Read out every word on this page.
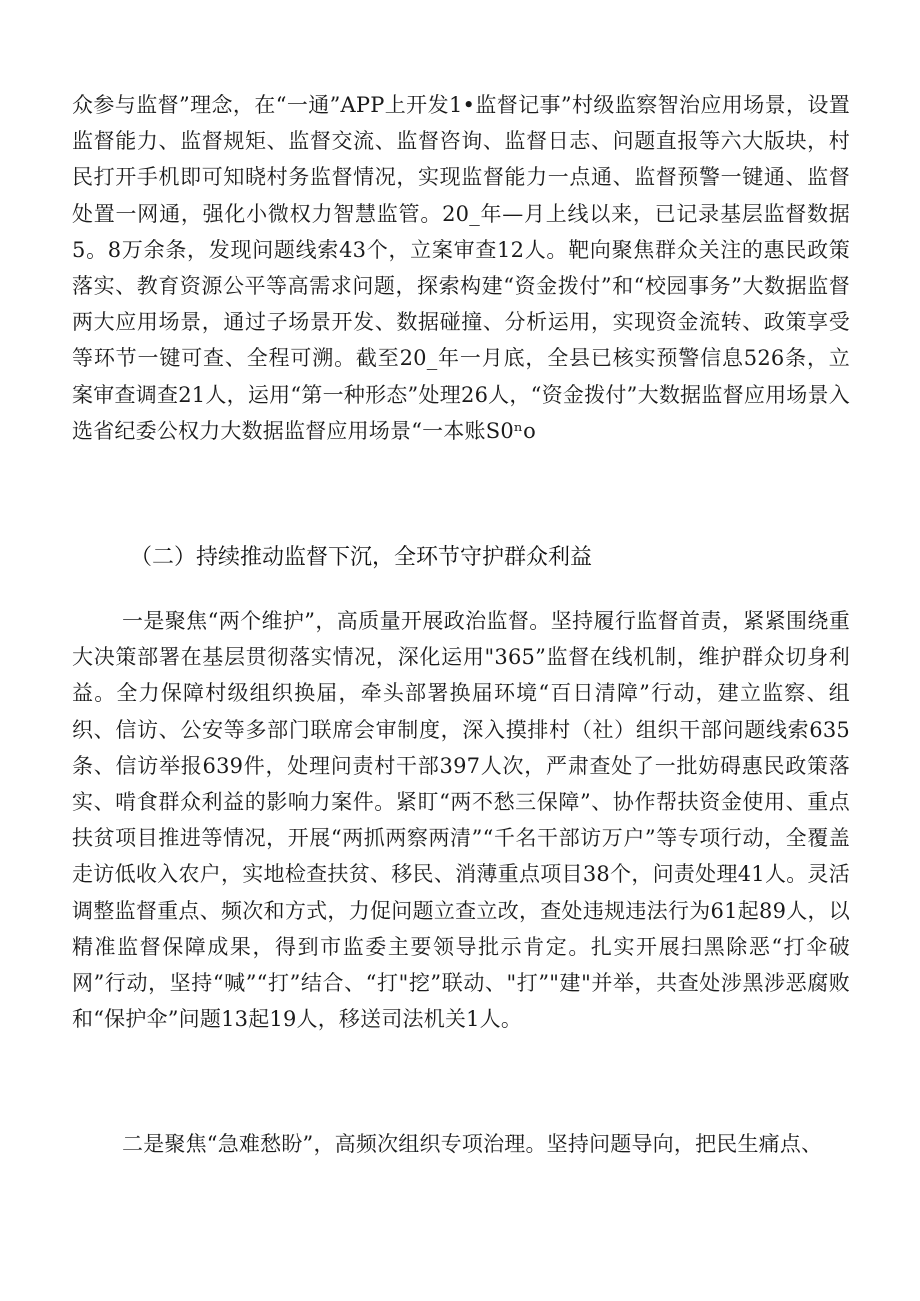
众参与监督”理念，在“一通”APP上开发1•监督记事”村级监察智治应用场景，设置监督能力、监督规矩、监督交流、监督咨询、监督日志、问题直报等六大版块，村民打开手机即可知晓村务监督情况，实现监督能力一点通、监督预警一键通、监督处置一网通，强化小微权力智慧监管。20_年—月上线以来，已记录基层监督数据5。8万余条，发现问题线索43个，立案审查12人。靶向聚焦群众关注的惠民政策落实、教育资源公平等高需求问题，探索构建“资金拨付”和“校园事务”大数据监督两大应用场景，通过子场景开发、数据碰撞、分析运用，实现资金流转、政策享受等环节一键可查、全程可溯。截至20_年一月底，全县已核实预警信息526条，立案审查调查21人，运用“第一种形态”处理26人，“资金拨付”大数据监督应用场景入选省纪委公权力大数据监督应用场景“一本账S0ⁿo

（二）持续推动监督下沉，全环节守护群众利益

一是聚焦“两个维护”，高质量开展政治监督。坚持履行监督首责，紧紧围绕重大决策部署在基层贯彻落实情况，深化运用"365”监督在线机制，维护群众切身利益。全力保障村级组织换届，牵头部署换届环境“百日清障”行动，建立监察、组织、信访、公安等多部门联席会审制度，深入摸排村（社）组织干部问题线索635条、信访举报639件，处理问责村干部397人次，严肃查处了一批妨碍惠民政策落实、啃食群众利益的影响力案件。紧盯“两不愁三保障”、协作帮扶资金使用、重点扶贫项目推进等情况，开展“两抓两察两清”“千名干部访万户”等专项行动，全覆盖走访低收入农户，实地检查扶贫、移民、消薄重点项目38个，问责处理41人。灵活调整监督重点、频次和方式，力促问题立查立改，查处违规违法行为61起89人，以精准监督保障成果，得到市监委主要领导批示肯定。扎实开展扫黑除恶“打伞破网”行动，坚持“喊”“打”结合、“打"挖”联动、"打”"建"并举，共查处涉黑涉恶腐败和“保护伞”问题13起19人，移送司法机关1人。

二是聚焦“急难愁盼”，高频次组织专项治理。坚持问题导向，把民生痛点、
